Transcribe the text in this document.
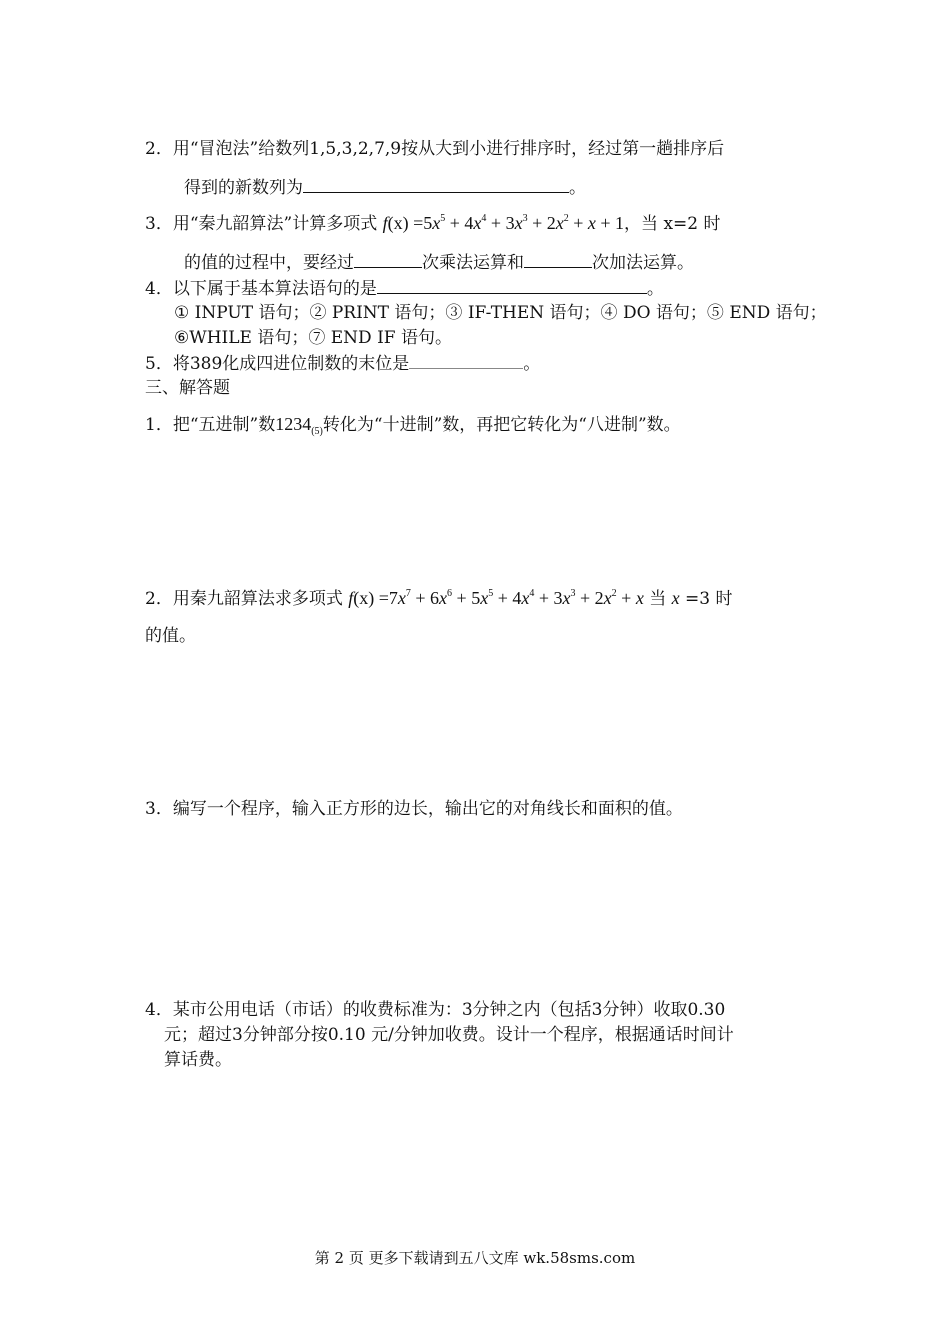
2．用“冒泡法”给数列1,5,3,2,7,9按从大到小进行排序时，经过第一趟排序后
得到的新数列为	。
3．用“秦九韶算法”计算多项式 $f(x) =5x^5 + 4x^4 + 3x^3 + 2x^2 + x + 1$，当 x=2 时
的值的过程中，要经过	次乘法运算和	次加法运算。
4．以下属于基本算法语句的是	。
① INPUT 语句；② PRINT 语句；③ IF-THEN 语句；④ DO 语句；⑤ END 语句；
⑥WHILE 语句；⑦ END IF 语句。
5．将389化成四进位制数的末位是	。
三、解答题
1．把“五进制”数$1234_{(5)}$转化为“十进制”数，再把它转化为“八进制”数。
2．用秦九韶算法求多项式 $f(x) =7x^7 + 6x^6 + 5x^5 + 4x^4 + 3x^3 + 2x^2 + x$ 当 x =3 时
的值。
3．编写一个程序，输入正方形的边长，输出它的对角线长和面积的值。
4．某市公用电话（市话）的收费标准为：3分钟之内（包括3分钟）收取0.30
元；超过3分钟部分按0.10 元/分钟加收费。设计一个程序，根据通话时间计
算话费。
第 2 页 更多下载请到五八文库 wk.58sms.com
